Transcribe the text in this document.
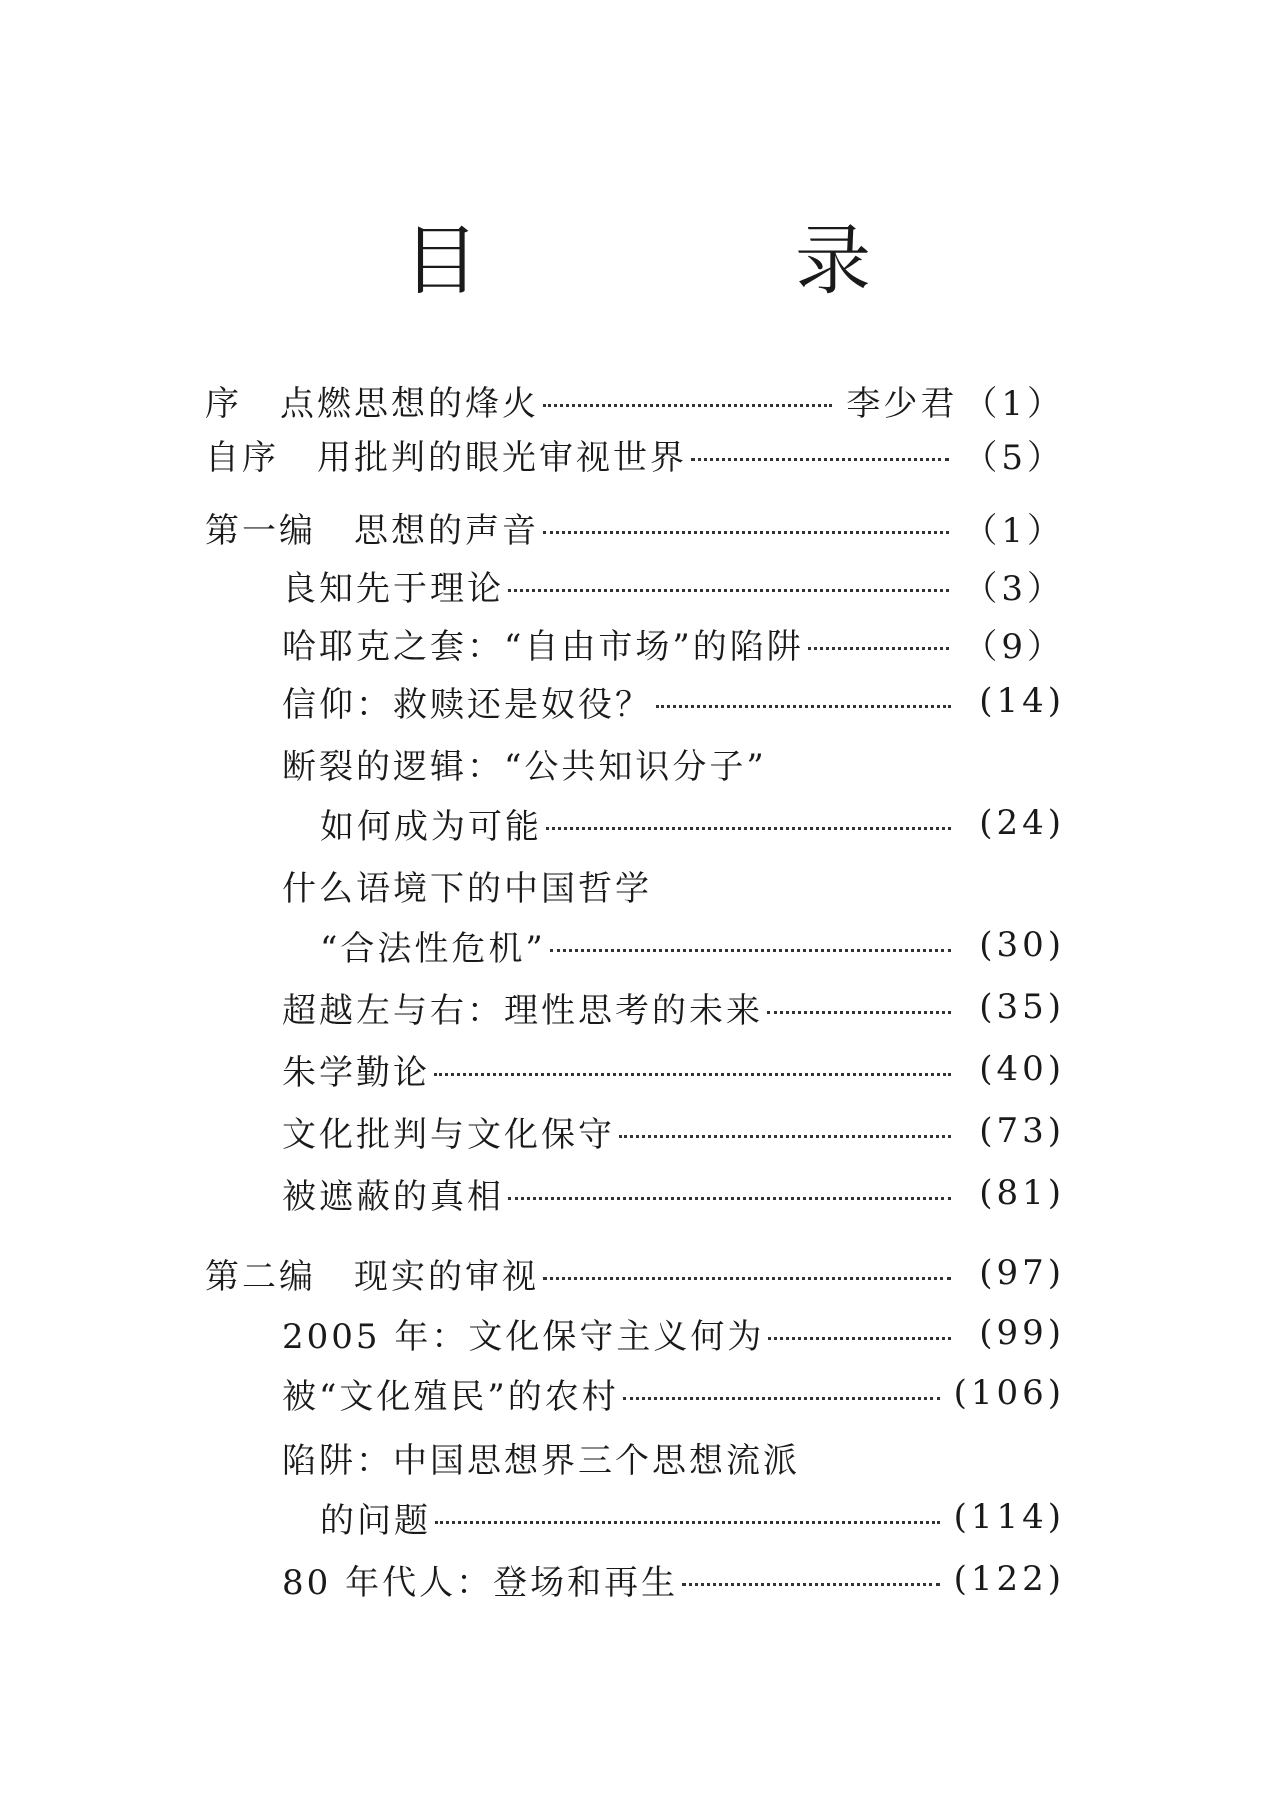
目　录
序 点燃思想的烽火	李少君 （1）
自序 用批判的眼光审视世界	（5）
第一编 思想的声音	（1）
良知先于理论	（3）
哈耶克之套：“自由市场”的陷阱	（9）
信仰：救赎还是奴役？	(14)
断裂的逻辑：“公共知识分子”
如何成为可能	(24)
什么语境下的中国哲学
“合法性危机”	(30)
超越左与右：理性思考的未来	(35)
朱学勤论	(40)
文化批判与文化保守	(73)
被遮蔽的真相	(81)
第二编 现实的审视	(97)
2005 年：文化保守主义何为	(99)
被“文化殖民”的农村	(106)
陷阱：中国思想界三个思想流派
的问题	(114)
80 年代人：登场和再生	(122)
